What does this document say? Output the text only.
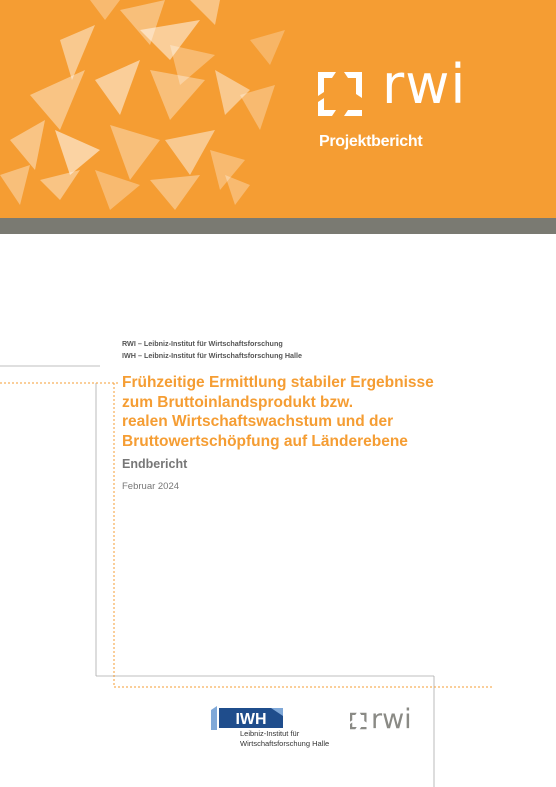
rwi
Projektbericht
RWI – Leibniz-Institut für Wirtschaftsforschung
IWH – Leibniz-Institut für Wirtschaftsforschung Halle
Frühzeitige Ermittlung stabiler Ergebnisse
zum Bruttoinlandsprodukt bzw.
realen Wirtschaftswachstum und der
Bruttowertschöpfung auf Länderebene
Endbericht
Februar 2024
IWH
Leibniz-Institut für
Wirtschaftsforschung Halle
rwi
